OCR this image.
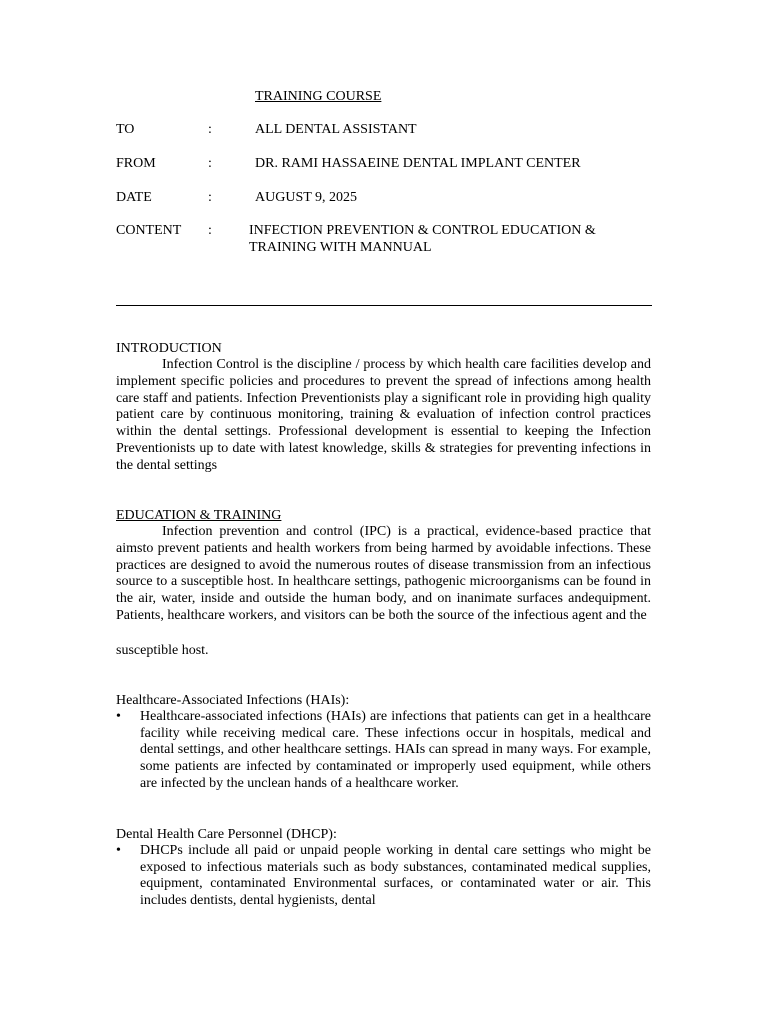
TRAINING COURSE
TO	:	ALL DENTAL ASSISTANT
FROM	:	DR. RAMI HASSAEINE DENTAL IMPLANT CENTER
DATE	:	AUGUST 9, 2025
CONTENT :	INFECTION PREVENTION & CONTROL EDUCATION &
TRAINING WITH MANNUAL
INTRODUCTION

Infection Control is the discipline / process by which health care facilities develop and implement specific policies and procedures to prevent the spread of infections among health care staff and patients. Infection Preventionists play a significant role in providing high quality patient care by continuous monitoring, training & evaluation of infection control practices within the dental settings. Professional development is essential to keeping the Infection Preventionists up to date with latest knowledge, skills & strategies for preventing infections in the dental settings

EDUCATION & TRAINING

Infection prevention and control (IPC) is a practical, evidence-based practice that aimsto prevent patients and health workers from being harmed by avoidable infections. These practices are designed to avoid the numerous routes of disease transmission from an infectious source to a susceptible host. In healthcare settings, pathogenic microorganisms can be found in the air, water, inside and outside the human body, and on inanimate surfaces andequipment. Patients, healthcare workers, and visitors can be both the source of the infectious agent and the

susceptible host.
Healthcare-Associated Infections (HAIs):
•	Healthcare-associated infections (HAIs) are infections that patients can get in a healthcare facility while receiving medical care. These infections occur in hospitals, medical and dental settings, and other healthcare settings. HAIs can spread in many ways. For example, some patients are infected by contaminated or improperly used equipment, while others are infected by the unclean hands of a healthcare worker.
Dental Health Care Personnel (DHCP):
•	DHCPs include all paid or unpaid people working in dental care settings who might be exposed to infectious materials such as body substances, contaminated medical supplies, equipment, contaminated Environmental surfaces, or contaminated water or air. This includes dentists, dental hygienists, dental
